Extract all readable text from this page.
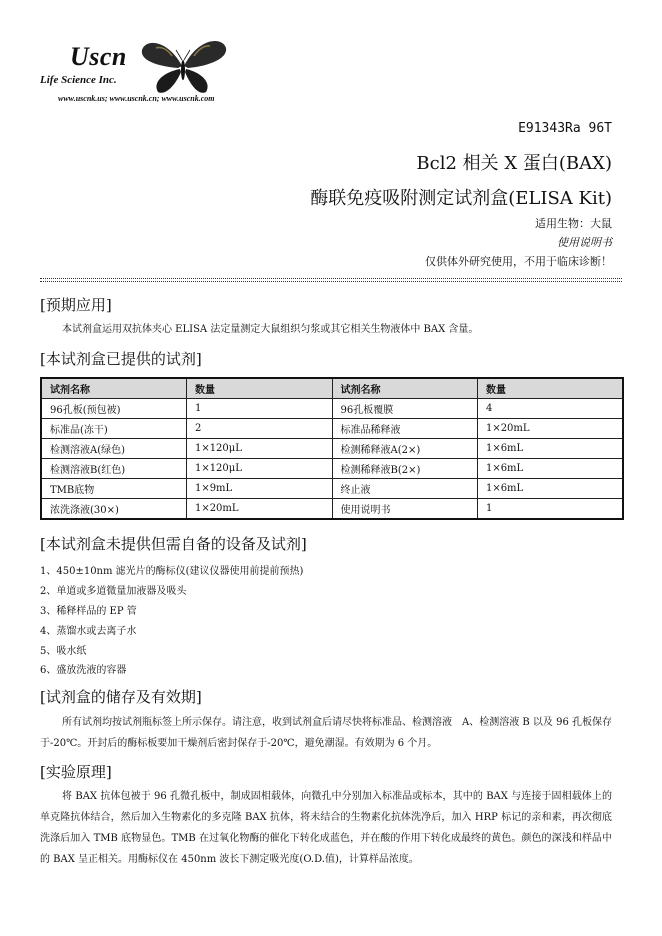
Uscn
Life Science Inc.
www.uscnk.us; www.uscnk.cn; www.uscnk.com
E91343Ra 96T
Bcl2 相关 X 蛋白(BAX)
酶联免疫吸附测定试剂盒(ELISA Kit)
适用生物：大鼠
使用说明书
仅供体外研究使用，不用于临床诊断！
[预期应用]
本试剂盒运用双抗体夹心 ELISA 法定量测定大鼠组织匀浆或其它相关生物液体中 BAX 含量。
[本试剂盒已提供的试剂]
试剂名称	数量	试剂名称	数量
96孔板(预包被)	1	96孔板覆膜	4
标准品(冻干)	2	标准品稀释液	1×20mL
检测溶液A(绿色)	1×120μL	检测稀释液A(2×)	1×6mL
检测溶液B(红色)	1×120μL	检测稀释液B(2×)	1×6mL
TMB底物	1×9mL	终止液	1×6mL
浓洗涤液(30×)	1×20mL	使用说明书	1
[本试剂盒未提供但需自备的设备及试剂]
1、450±10nm 滤光片的酶标仪(建议仪器使用前提前预热)
2、单道或多道微量加液器及吸头
3、稀释样品的 EP 管
4、蒸馏水或去离子水
5、吸水纸
6、盛放洗液的容器
[试剂盒的储存及有效期]
所有试剂均按试剂瓶标签上所示保存。请注意，收到试剂盒后请尽快将标准品、检测溶液　A、检测溶液 B 以及 96 孔板保存于-20℃。开封后的酶标板要加干燥剂后密封保存于-20℃，避免潮湿。有效期为 6 个月。
[实验原理]
将 BAX 抗体包被于 96 孔微孔板中，制成固相载体，向微孔中分别加入标准品或标本，其中的 BAX 与连接于固相载体上的单克隆抗体结合，然后加入生物素化的多克隆 BAX 抗体，将未结合的生物素化抗体洗净后，加入 HRP 标记的亲和素，再次彻底洗涤后加入 TMB 底物显色。TMB 在过氧化物酶的催化下转化成蓝色，并在酸的作用下转化成最终的黄色。颜色的深浅和样品中的 BAX 呈正相关。用酶标仪在 450nm 波长下测定吸光度(O.D.值)，计算样品浓度。
